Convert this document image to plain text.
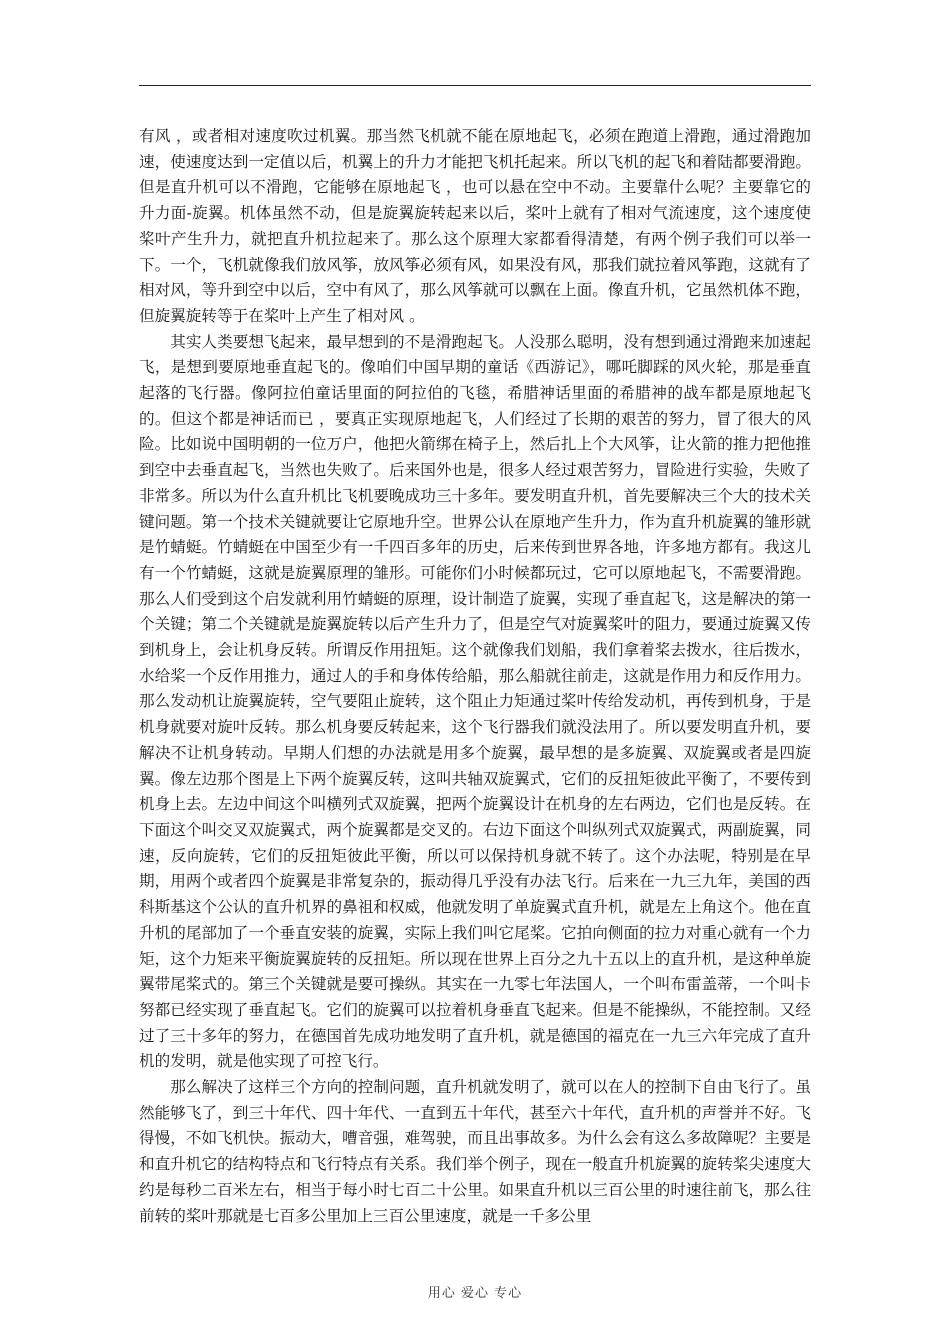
有风 ，或者相对速度吹过机翼。那当然飞机就不能在原地起飞，必须在跑道上滑跑，通过滑跑加速，使速度达到一定值以后，机翼上的升力才能把飞机托起来。所以飞机的起飞和着陆都要滑跑。但是直升机可以不滑跑，它能够在原地起飞 ，也可以悬在空中不动。主要靠什么呢？主要靠它的升力面-旋翼。机体虽然不动，但是旋翼旋转起来以后，桨叶上就有了相对气流速度，这个速度使桨叶产生升力，就把直升机拉起来了。那么这个原理大家都看得清楚，有两个例子我们可以举一下。一个，飞机就像我们放风筝，放风筝必须有风，如果没有风，那我们就拉着风筝跑，这就有了相对风，等升到空中以后，空中有风了，那么风筝就可以飘在上面。像直升机，它虽然机体不跑，但旋翼旋转等于在桨叶上产生了相对风 。

其实人类要想飞起来，最早想到的不是滑跑起飞。人没那么聪明，没有想到通过滑跑来加速起飞，是想到要原地垂直起飞的。像咱们中国早期的童话《西游记》，哪吒脚踩的风火轮，那是垂直起落的飞行器。像阿拉伯童话里面的阿拉伯的飞毯，希腊神话里面的希腊神的战车都是原地起飞的。但这个都是神话而已 ，要真正实现原地起飞，人们经过了长期的艰苦的努力，冒了很大的风险。比如说中国明朝的一位万户，他把火箭绑在椅子上，然后扎上个大风筝，让火箭的推力把他推到空中去垂直起飞，当然也失败了。后来国外也是，很多人经过艰苦努力，冒险进行实验，失败了非常多。所以为什么直升机比飞机要晚成功三十多年。要发明直升机，首先要解决三个大的技术关键问题。第一个技术关键就要让它原地升空。世界公认在原地产生升力，作为直升机旋翼的雏形就是竹蜻蜓。竹蜻蜓在中国至少有一千四百多年的历史，后来传到世界各地，许多地方都有。我这儿有一个竹蜻蜓，这就是旋翼原理的雏形。可能你们小时候都玩过，它可以原地起飞，不需要滑跑。那么人们受到这个启发就利用竹蜻蜓的原理，设计制造了旋翼，实现了垂直起飞，这是解决的第一个关键；第二个关键就是旋翼旋转以后产生升力了，但是空气对旋翼桨叶的阻力，要通过旋翼又传到机身上，会让机身反转。所谓反作用扭矩。这个就像我们划船，我们拿着桨去拨水，往后拨水，水给桨一个反作用推力，通过人的手和身体传给船，那么船就往前走，这就是作用力和反作用力。那么发动机让旋翼旋转，空气要阻止旋转，这个阻止力矩通过桨叶传给发动机，再传到机身，于是机身就要对旋叶反转。那么机身要反转起来，这个飞行器我们就没法用了。所以要发明直升机，要解决不让机身转动。早期人们想的办法就是用多个旋翼，最早想的是多旋翼、双旋翼或者是四旋翼。像左边那个图是上下两个旋翼反转，这叫共轴双旋翼式，它们的反扭矩彼此平衡了，不要传到机身上去。左边中间这个叫横列式双旋翼，把两个旋翼设计在机身的左右两边，它们也是反转。在下面这个叫交叉双旋翼式，两个旋翼都是交叉的。右边下面这个叫纵列式双旋翼式，两副旋翼，同速，反向旋转，它们的反扭矩彼此平衡，所以可以保持机身就不转了。这个办法呢，特别是在早期，用两个或者四个旋翼是非常复杂的，振动得几乎没有办法飞行。后来在一九三九年，美国的西科斯基这个公认的直升机界的鼻祖和权威，他就发明了单旋翼式直升机，就是左上角这个。他在直升机的尾部加了一个垂直安装的旋翼，实际上我们叫它尾桨。它拍向侧面的拉力对重心就有一个力矩，这个力矩来平衡旋翼旋转的反扭矩。所以现在世界上百分之九十五以上的直升机，是这种单旋翼带尾桨式的。第三个关键就是要可操纵。其实在一九零七年法国人，一个叫布雷盖蒂，一个叫卡努都已经实现了垂直起飞。它们的旋翼可以拉着机身垂直飞起来。但是不能操纵，不能控制。又经过了三十多年的努力，在德国首先成功地发明了直升机，就是德国的福克在一九三六年完成了直升机的发明，就是他实现了可控飞行。

那么解决了这样三个方向的控制问题，直升机就发明了，就可以在人的控制下自由飞行了。虽然能够飞了，到三十年代、四十年代、一直到五十年代，甚至六十年代，直升机的声誉并不好。飞得慢，不如飞机快。振动大，嘈音强，难驾驶，而且出事故多。为什么会有这么多故障呢？主要是和直升机它的结构特点和飞行特点有关系。我们举个例子，现在一般直升机旋翼的旋转桨尖速度大约是每秒二百米左右，相当于每小时七百二十公里。如果直升机以三百公里的时速往前飞，那么往前转的桨叶那就是七百多公里加上三百公里速度，就是一千多公里

用心 爱心 专心
